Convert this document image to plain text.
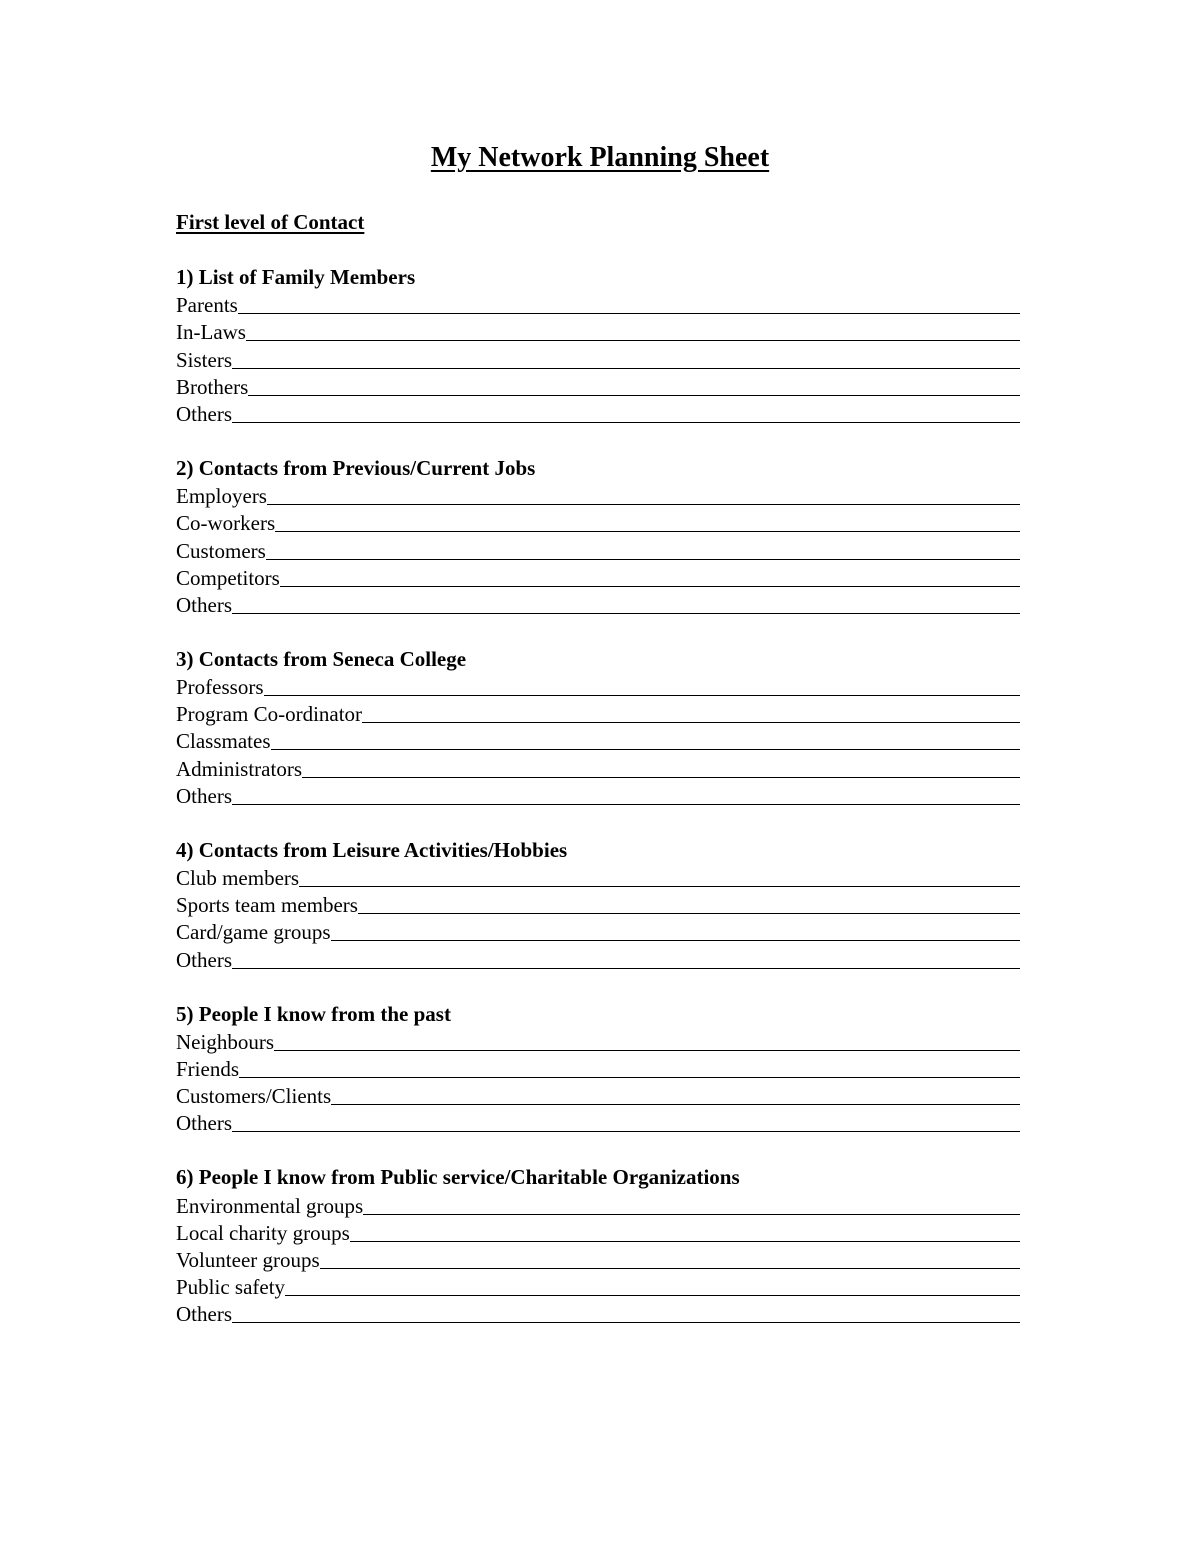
My Network Planning Sheet
First level of Contact
1) List of Family Members
Parents
In-Laws
Sisters
Brothers
Others
2) Contacts from Previous/Current Jobs
Employers
Co-workers
Customers
Competitors
Others
3) Contacts from Seneca College
Professors
Program Co-ordinator
Classmates
Administrators
Others
4) Contacts from Leisure Activities/Hobbies
Club members
Sports team members
Card/game groups
Others
5) People I know from the past
Neighbours
Friends
Customers/Clients
Others
6) People I know from Public service/Charitable Organizations
Environmental groups
Local charity groups
Volunteer groups
Public safety
Others
